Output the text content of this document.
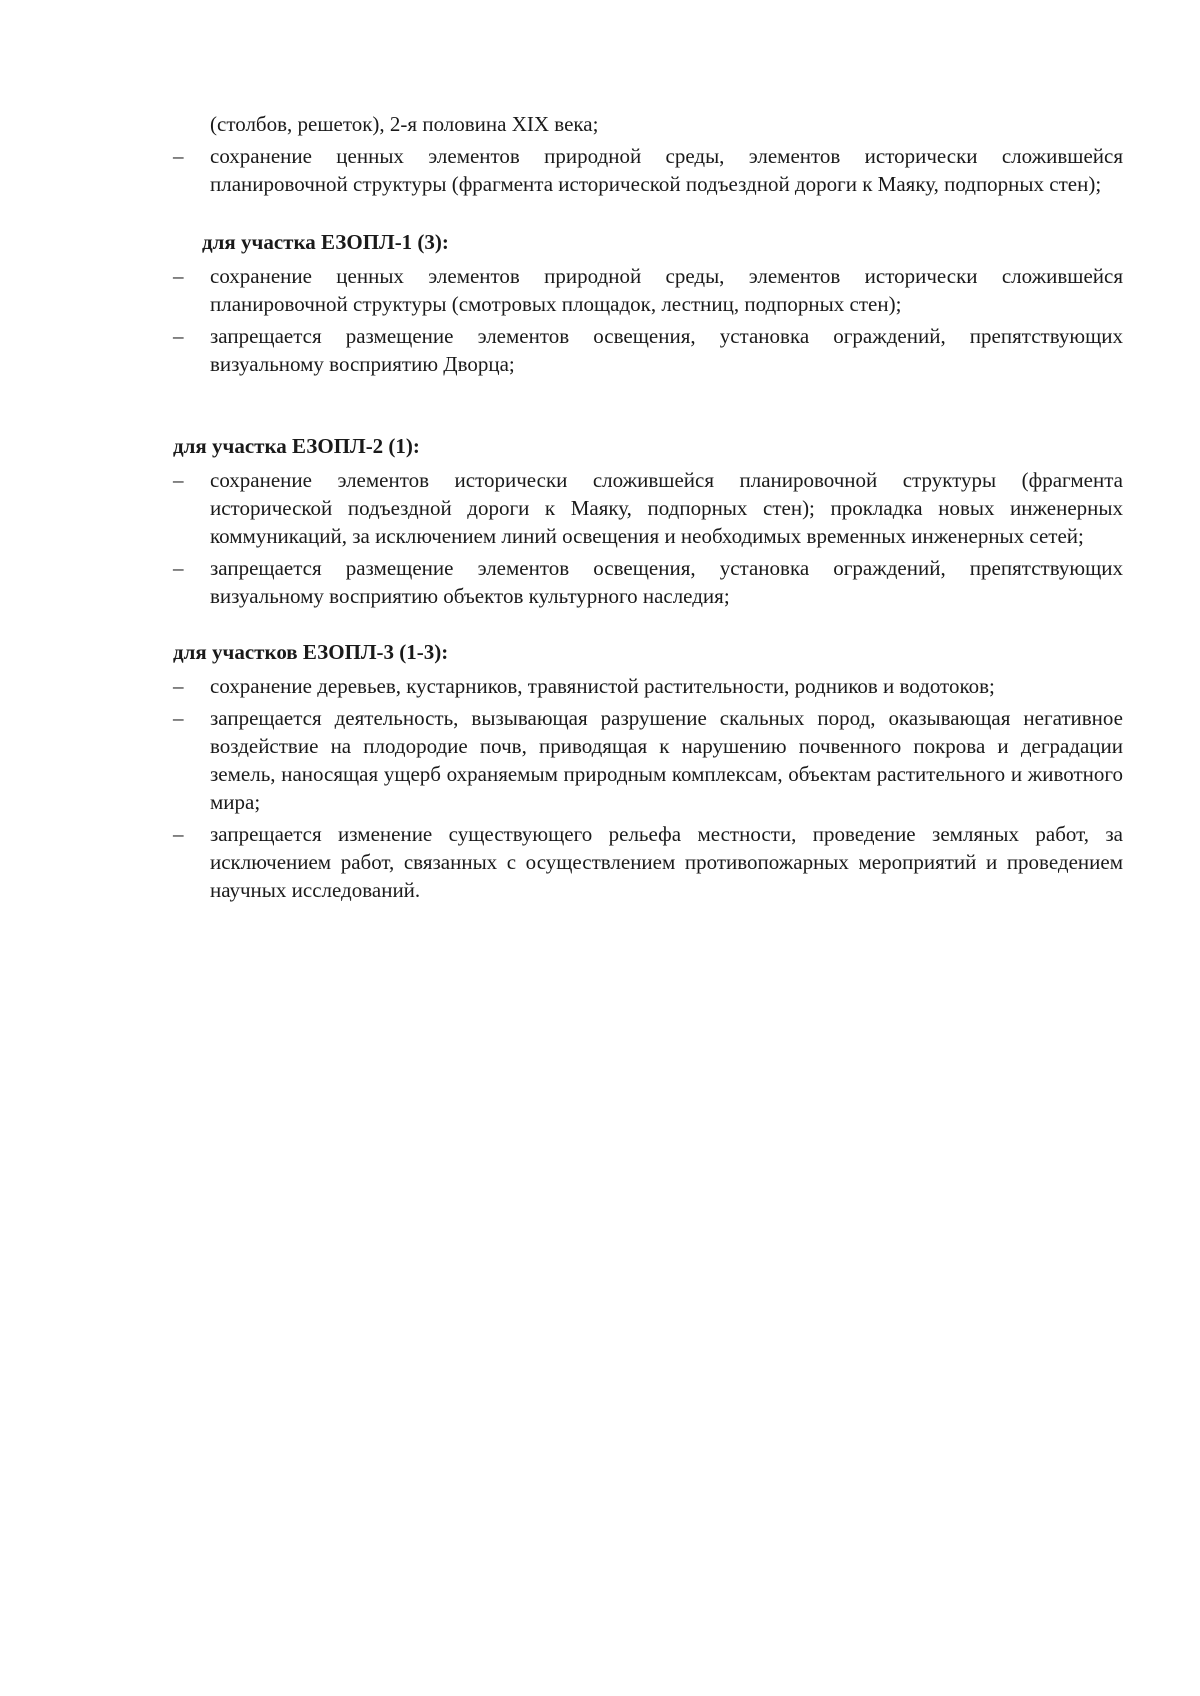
(столбов, решеток), 2-я половина XIX века;

–	сохранение ценных элементов природной среды, элементов исторически сложившейся планировочной структуры (фрагмента исторической подъездной дороги к Маяку, подпорных стен);

для участка ЕЗОПЛ-1 (3):

–	сохранение ценных элементов природной среды, элементов исторически сложившейся планировочной структуры (смотровых площадок, лестниц, подпорных стен);
–	запрещается размещение элементов освещения, установка ограждений, препятствующих визуальному восприятию Дворца;

для участка ЕЗОПЛ-2 (1):

–	сохранение элементов исторически сложившейся планировочной структуры (фрагмента исторической подъездной дороги к Маяку, подпорных стен); прокладка новых инженерных коммуникаций, за исключением линий освещения и необходимых временных инженерных сетей;
–	запрещается размещение элементов освещения, установка ограждений, препятствующих визуальному восприятию объектов культурного наследия;

для участков ЕЗОПЛ-3 (1-3):

–	сохранение деревьев, кустарников, травянистой растительности, родников и водотоков;
–	запрещается деятельность, вызывающая разрушение скальных пород, оказывающая негативное воздействие на плодородие почв, приводящая к нарушению почвенного покрова и деградации земель, наносящая ущерб охраняемым природным комплексам, объектам растительного и животного мира;
–	запрещается изменение существующего рельефа местности, проведение земляных работ, за исключением работ, связанных с осуществлением противопожарных мероприятий и проведением научных исследований.
